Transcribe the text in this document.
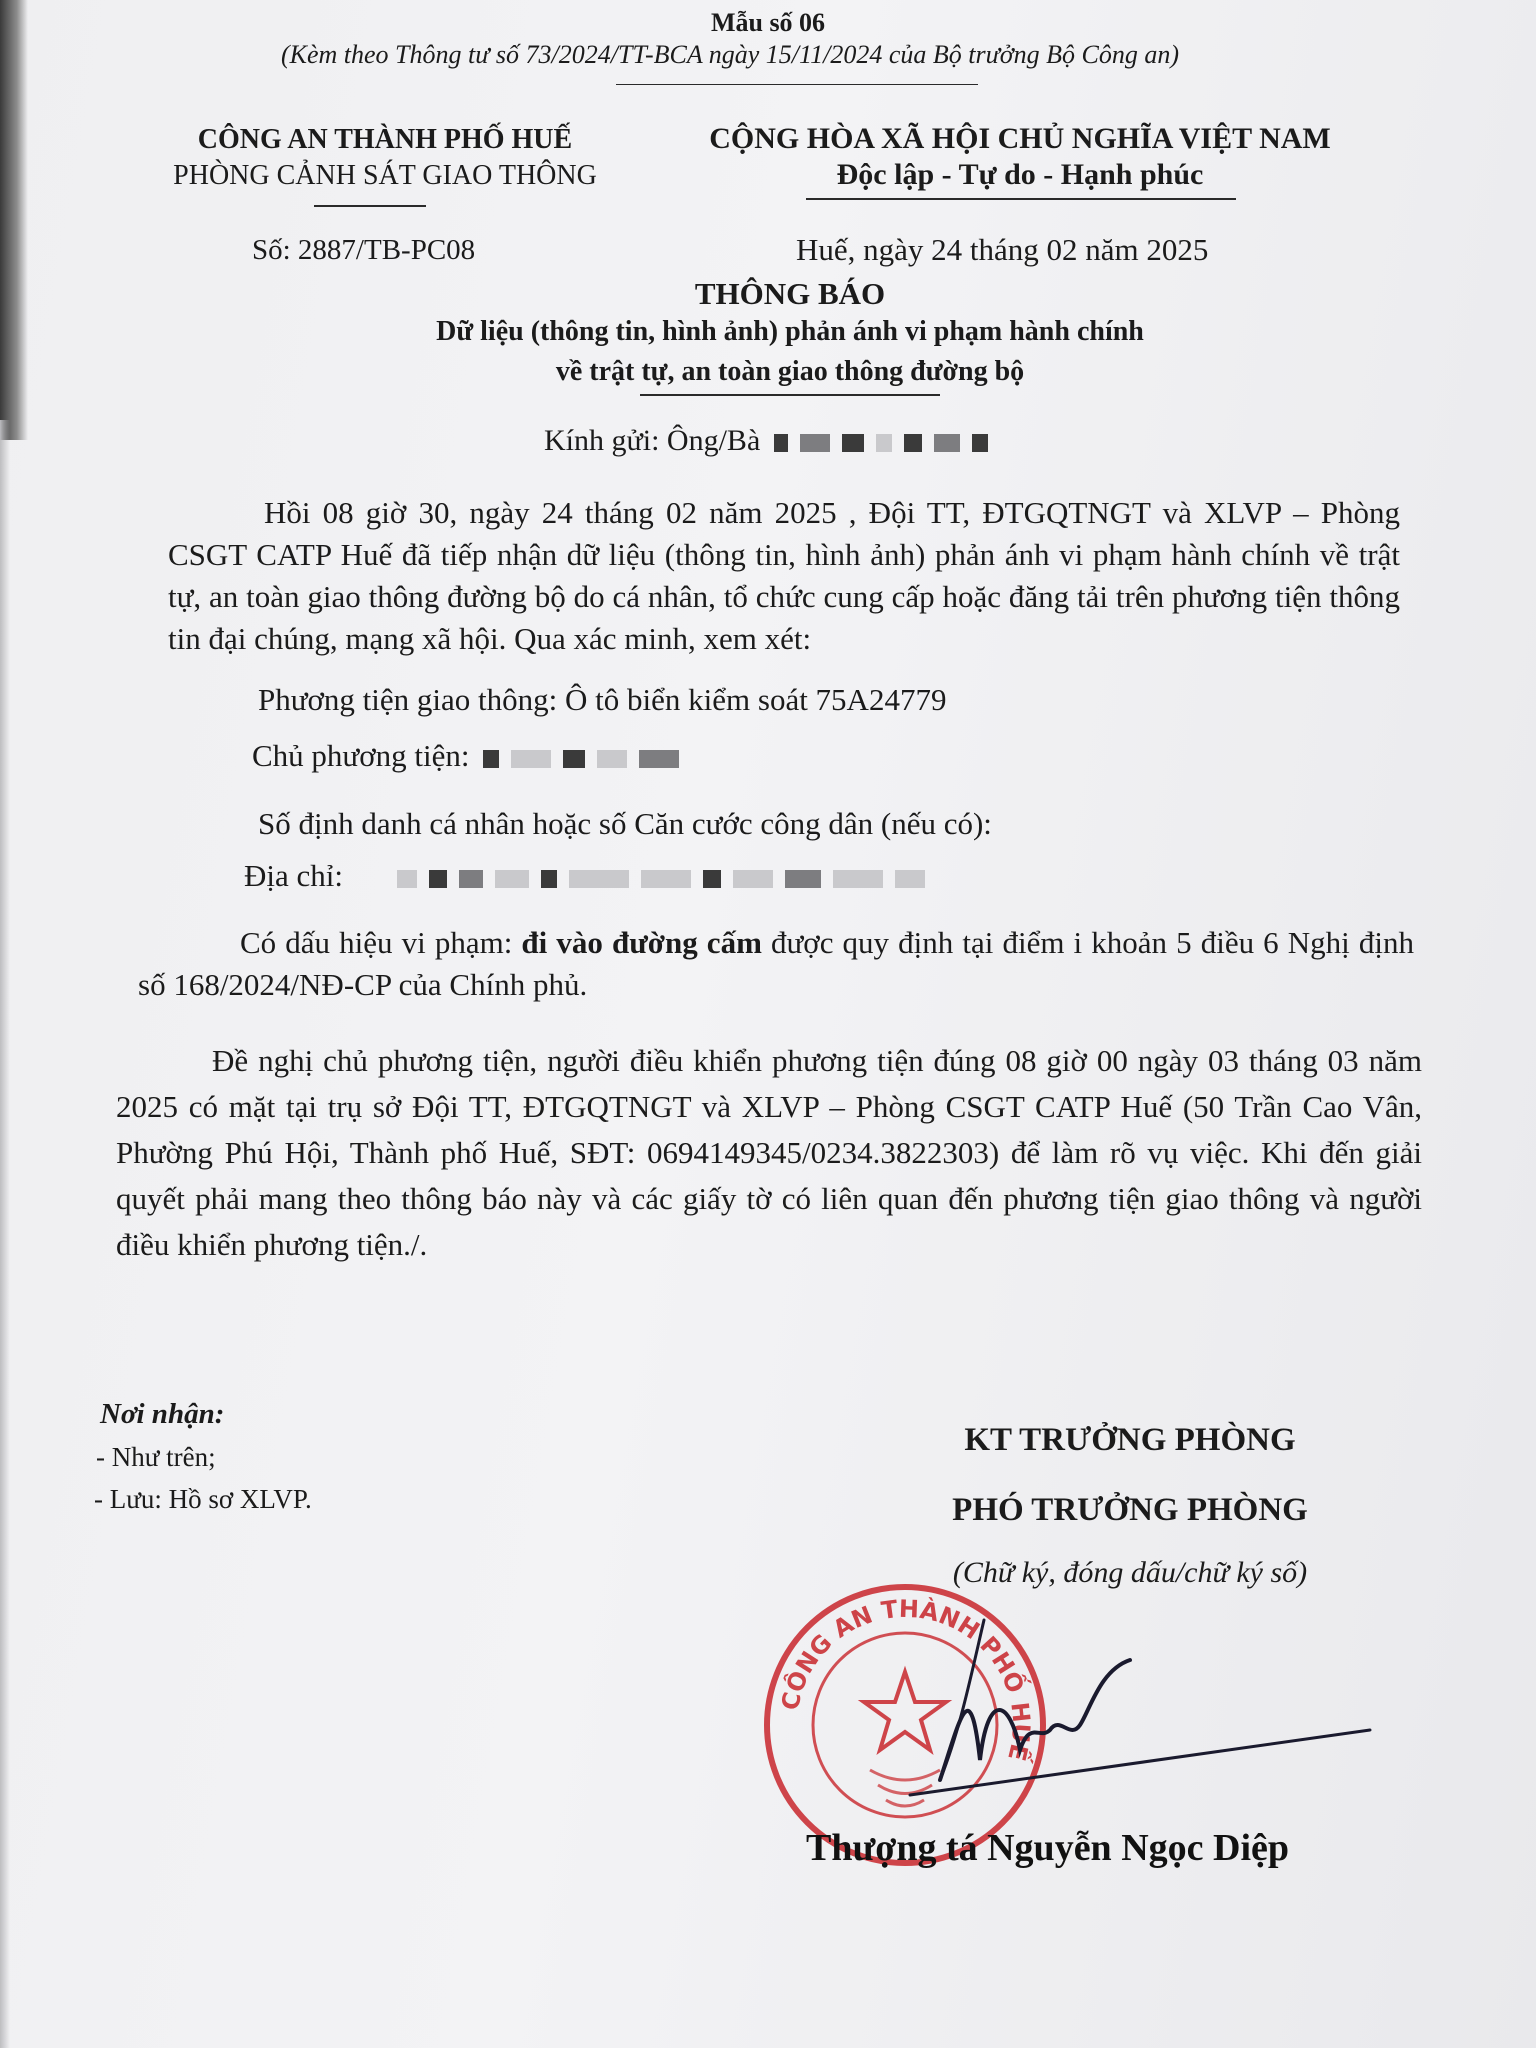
Mẫu số 06
(Kèm theo Thông tư số 73/2024/TT-BCA ngày 15/11/2024 của Bộ trưởng Bộ Công an)
CÔNG AN THÀNH PHỐ HUẾ
PHÒNG CẢNH SÁT GIAO THÔNG
CỘNG HÒA XÃ HỘI CHỦ NGHĨA VIỆT NAM
Độc lập - Tự do - Hạnh phúc
Số: 2887/TB-PC08	Huế, ngày 24 tháng 02 năm 2025
THÔNG BÁO
Dữ liệu (thông tin, hình ảnh) phản ánh vi phạm hành chính
về trật tự, an toàn giao thông đường bộ
Kính gửi: Ông/Bà
Hồi 08 giờ 30, ngày 24 tháng 02 năm 2025 , Đội TT, ĐTGQTNGT và XLVP – Phòng CSGT CATP Huế đã tiếp nhận dữ liệu (thông tin, hình ảnh) phản ánh vi phạm hành chính về trật tự, an toàn giao thông đường bộ do cá nhân, tổ chức cung cấp hoặc đăng tải trên phương tiện thông tin đại chúng, mạng xã hội. Qua xác minh, xem xét:
Phương tiện giao thông: Ô tô biển kiểm soát 75A24779
Chủ phương tiện:
Số định danh cá nhân hoặc số Căn cước công dân (nếu có):
Địa chỉ:
Có dấu hiệu vi phạm: đi vào đường cấm được quy định tại điểm i khoản 5 điều 6 Nghị định số 168/2024/NĐ-CP của Chính phủ.
Đề nghị chủ phương tiện, người điều khiển phương tiện đúng 08 giờ 00 ngày 03 tháng 03 năm 2025 có mặt tại trụ sở Đội TT, ĐTGQTNGT và XLVP – Phòng CSGT CATP Huế (50 Trần Cao Vân, Phường Phú Hội, Thành phố Huế, SĐT: 0694149345/0234.3822303) để làm rõ vụ việc. Khi đến giải quyết phải mang theo thông báo này và các giấy tờ có liên quan đến phương tiện giao thông và người điều khiển phương tiện./.
Nơi nhận:
- Như trên;
- Lưu: Hồ sơ XLVP.
KT TRƯỞNG PHÒNG
PHÓ TRƯỞNG PHÒNG
(Chữ ký, đóng dấu/chữ ký số)
CÔNG AN THÀNH PHỐ HUẾ
Thượng tá Nguyễn Ngọc Diệp
